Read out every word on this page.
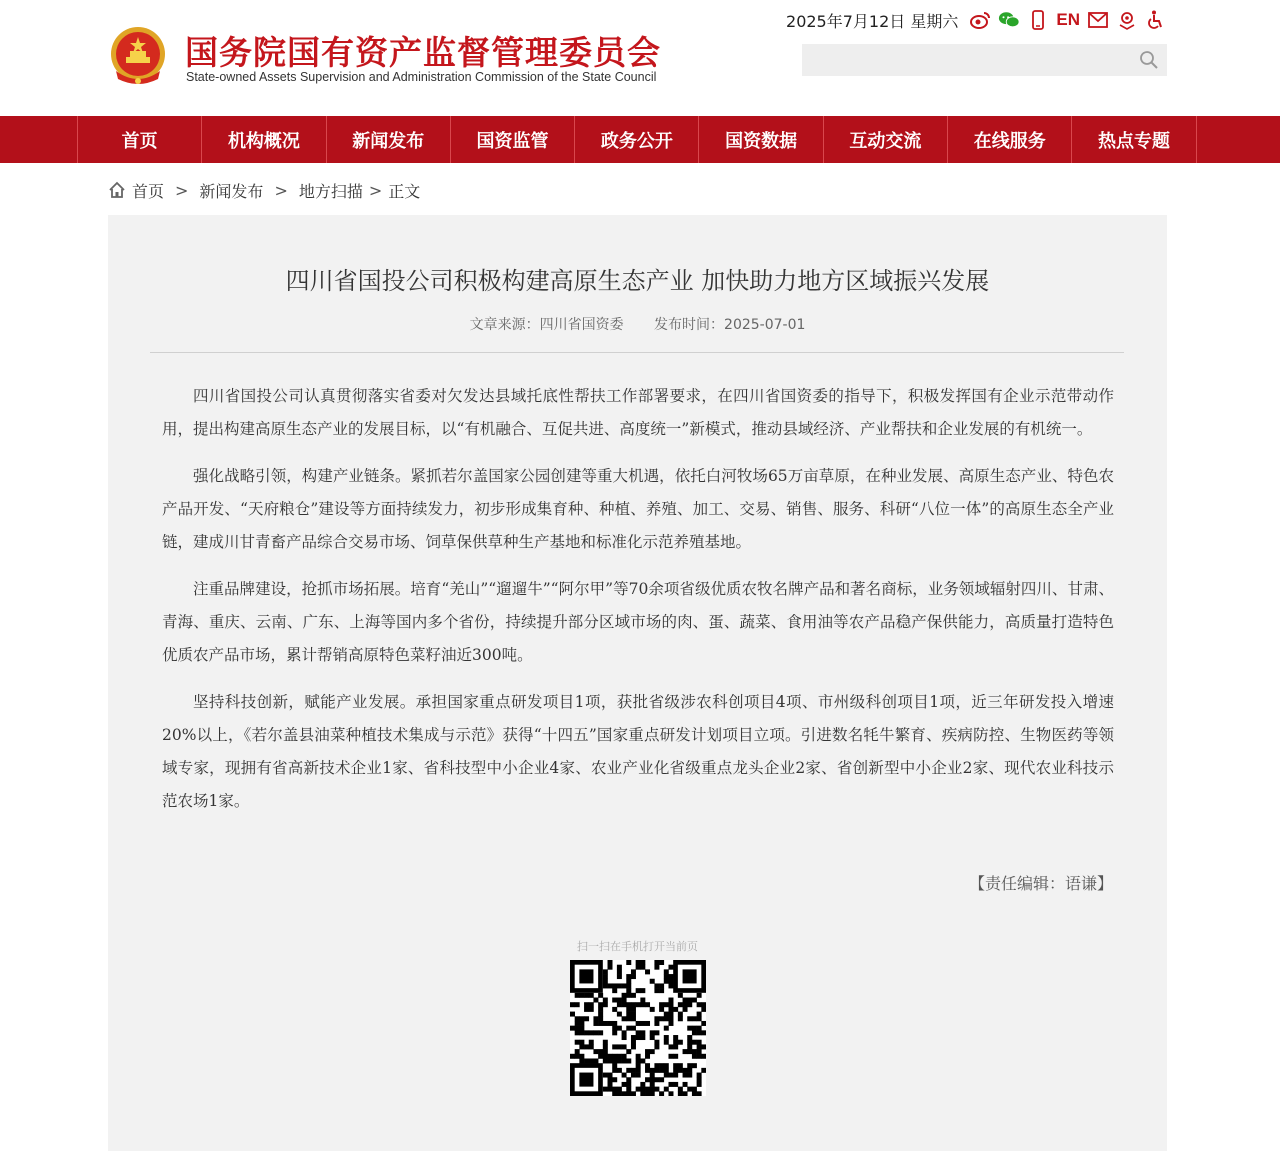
国务院国有资产监督管理委员会
State-owned Assets Supervision and Administration Commission of the State Council
2025年7月12日 星期六	EN
首页	机构概况	新闻发布	国资监管	政务公开	国资数据	互动交流	在线服务	热点专题
首页 > 新闻发布 > 地方扫描 > 正文
四川省国投公司积极构建高原生态产业 加快助力地方区域振兴发展
文章来源：四川省国资委 发布时间：2025-07-01

四川省国投公司认真贯彻落实省委对欠发达县域托底性帮扶工作部署要求，在四川省国资委的指导下，积极发挥国有企业示范带动作用，提出构建高原生态产业的发展目标，以“有机融合、互促共进、高度统一”新模式，推动县域经济、产业帮扶和企业发展的有机统一。

强化战略引领，构建产业链条。紧抓若尔盖国家公园创建等重大机遇，依托白河牧场65万亩草原，在种业发展、高原生态产业、特色农产品开发、“天府粮仓”建设等方面持续发力，初步形成集育种、种植、养殖、加工、交易、销售、服务、科研“八位一体”的高原生态全产业链，建成川甘青畜产品综合交易市场、饲草保供草种生产基地和标准化示范养殖基地。

注重品牌建设，抢抓市场拓展。培育“羌山”“遛遛牛”“阿尔甲”等70余项省级优质农牧名牌产品和著名商标，业务领域辐射四川、甘肃、青海、重庆、云南、广东、上海等国内多个省份，持续提升部分区域市场的肉、蛋、蔬菜、食用油等农产品稳产保供能力，高质量打造特色优质农产品市场，累计帮销高原特色菜籽油近300吨。

坚持科技创新，赋能产业发展。承担国家重点研发项目1项，获批省级涉农科创项目4项、市州级科创项目1项，近三年研发投入增速20%以上，《若尔盖县油菜种植技术集成与示范》获得“十四五”国家重点研发计划项目立项。引进数名牦牛繁育、疾病防控、生物医药等领域专家，现拥有省高新技术企业1家、省科技型中小企业4家、农业产业化省级重点龙头企业2家、省创新型中小企业2家、现代农业科技示范农场1家。

【责任编辑：语谦】
扫一扫在手机打开当前页
